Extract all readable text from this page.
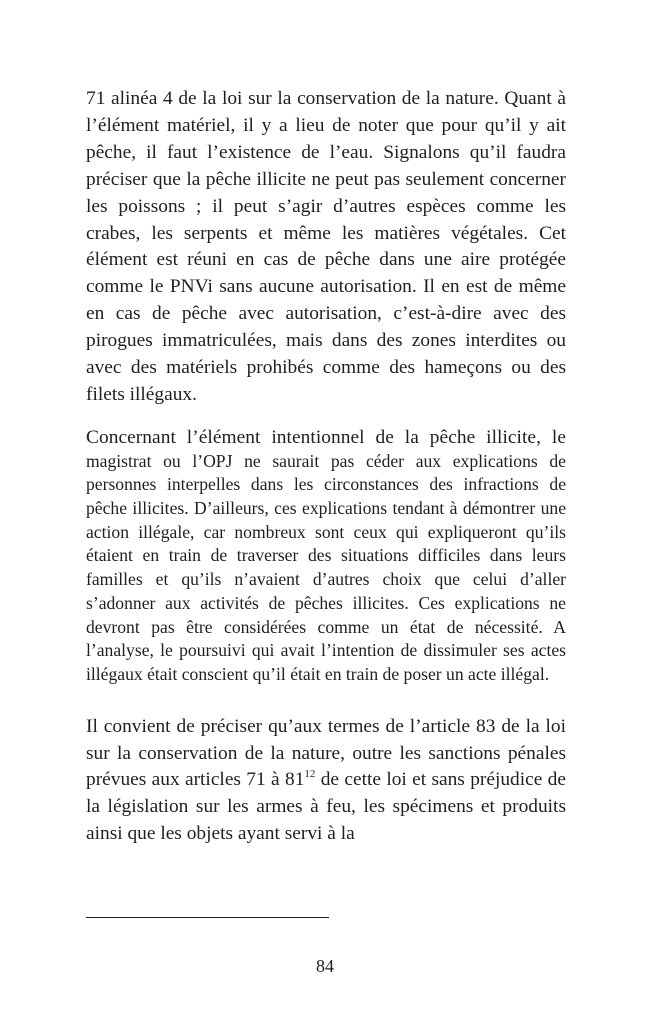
71 alinéa 4 de la loi sur la conservation de la nature. Quant à l’élément matériel, il y a lieu de noter que pour qu’il y ait pêche, il faut l’existence de l’eau. Signalons qu’il faudra préciser que la pêche illicite ne peut pas seulement concerner les poissons ; il peut s’agir d’autres espèces comme les crabes, les serpents et même les matières végétales. Cet élément est réuni en cas de pêche dans une aire protégée comme le PNVi sans aucune autorisation. Il en est de même en cas de pêche avec autorisation, c’est-à-dire avec des pirogues immatriculées, mais dans des zones interdites ou avec des matériels prohibés comme des hameçons ou des filets illégaux.

Concernant l’élément intentionnel de la pêche illicite, le magistrat ou l’OPJ ne saurait pas céder aux explications de personnes interpelles dans les circonstances des infractions de pêche illicites. D’ailleurs, ces explications tendant à démontrer une action illégale, car nombreux sont ceux qui expliqueront qu’ils étaient en train de traverser des situations difficiles dans leurs familles et qu’ils n’avaient d’autres choix que celui d’aller s’adonner aux activités de pêches illicites. Ces explications ne devront pas être considérées comme un état de nécessité. A l’analyse, le poursuivi qui avait l’intention de dissimuler ses actes illégaux était conscient qu’il était en train de poser un acte illégal.

Il convient de préciser qu’aux termes de l’article 83 de la loi sur la conservation de la nature, outre les sanctions pénales prévues aux articles 71 à $81^{12}$ de cette loi et sans préjudice de la législation sur les armes à feu, les spécimens et produits ainsi que les objets ayant servi à la

84
